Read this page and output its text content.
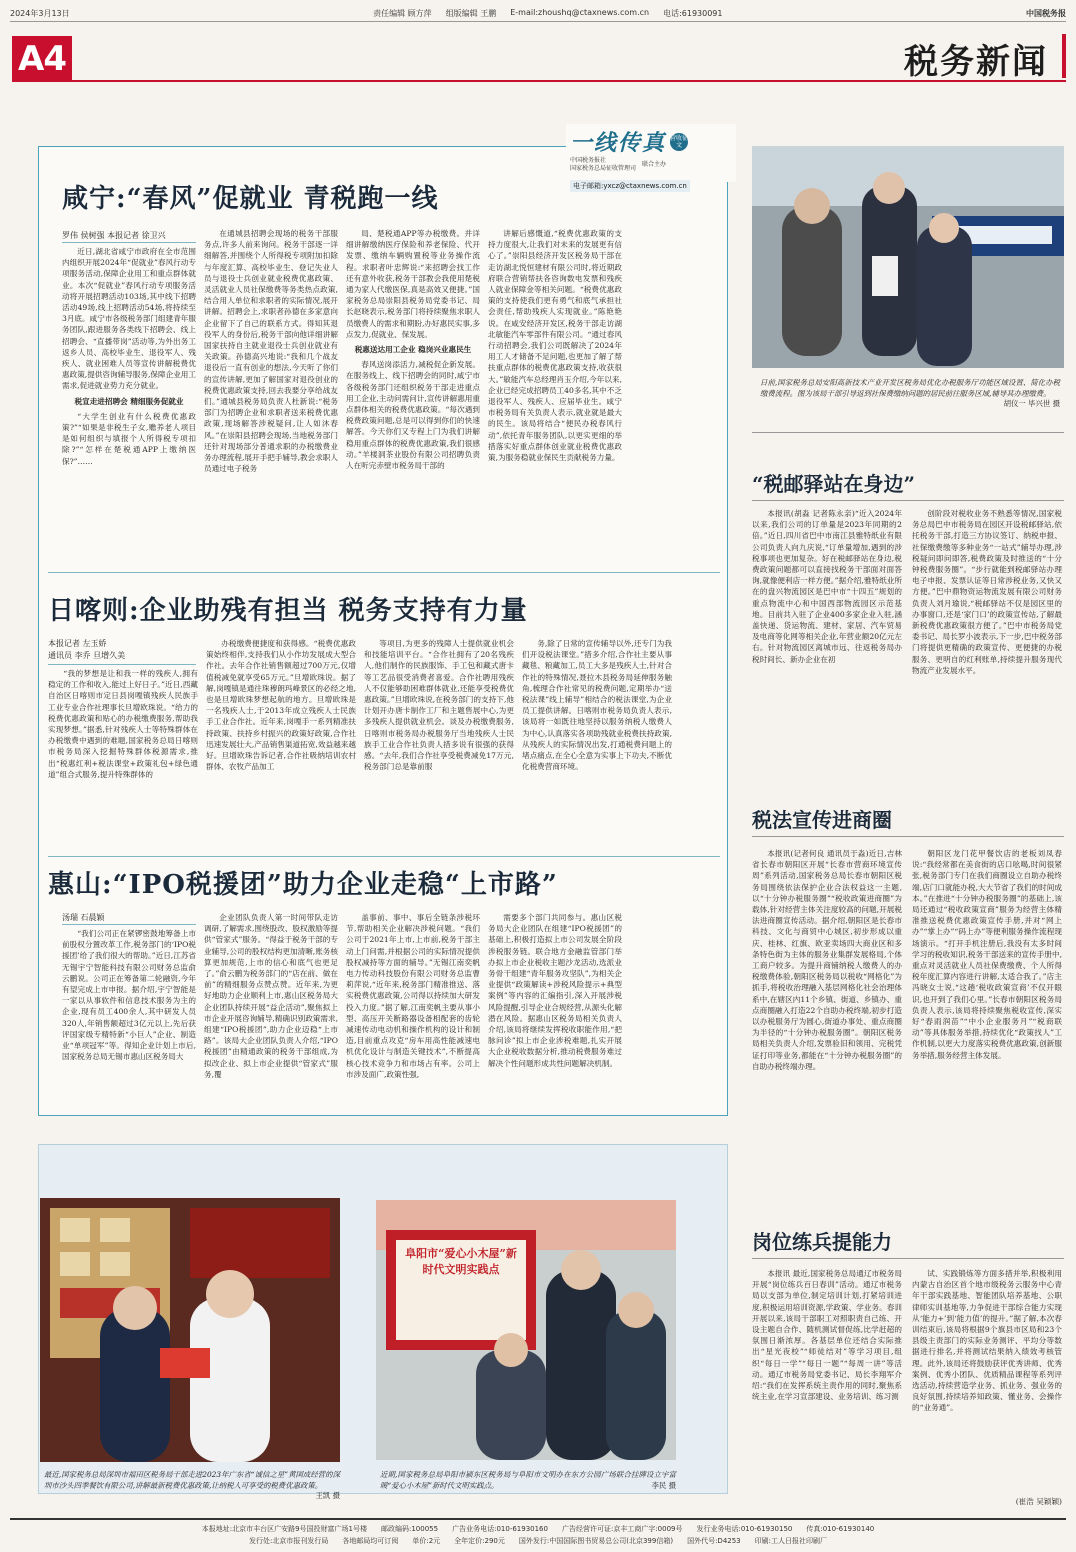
2024年3月13日	责任编辑 顾方萍 组版编辑 王鹏 E-mail:zhoushq@ctaxnews.com.cn 电话:61930091	中国税务报
A4	税务新闻
一线传真 营收征文
中国税务报社
国家税务总局征收管理司
联合主办
电子邮箱:yxcz@ctaxnews.com.cn
咸宁:“春风”促就业 青税跑一线
罗伟 侯树强 本报记者 徐卫兴

近日,湖北省咸宁市政府在全市范围内组织开展2024年“促就业”春风行动专项服务活动,保障企业用工和重点群体就业。本次“促就业”春风行动专项服务活动将开展招聘活动103场,其中线下招聘活动49场,线上招聘活动54场,将持续至3月底。咸宁市各级税务部门组建青年服务团队,跟进服务各类线下招聘会、线上招聘会、“直播带岗”活动等,为外出务工返乡人员、高校毕业生、退役军人、残疾人、就业困难人员等宣传讲解税费优惠政策,提供咨询辅导服务,保障企业用工需求,促进就业势力充分就业。

税宣走进招聘会 精细服务促就业

“大学生创业有什么税费优惠政策?”“如果是非税生子女,赡养老人项目是如何组织与填报个人所得税专项扣除?”“怎样在楚税通APP上缴纳医保?”……

在通城县招聘会现场的税务干部服务点,许多人前来询问。税务干部逐一详细解答,并围绕个人所得税专项附加扣除与年度汇算、高校毕业生、登记失业人员与退役士兵创业就业税费优惠政策、灵活就业人员社保缴费等务类热点政策,结合用人单位和求职者的实际情况,展开讲解。招聘会上,求职者孙德在多家意向企业留下了自己的联系方式。得知其退役军人的身份后,税务干部向他详细讲解国家扶持自主就业退役士兵创业就业有关政策。孙德高兴地说:“我和几个战友退役后一直有创业的想法,今天听了你们的宣传讲解,更加了解国家对退役创业的税费优惠政策支持,回去我要分享给战友们。”通城县税务局负责人杜新说:“税务部门为招聘企业和求职者送来税费优惠政策,现场解答涉税疑问,让人如沐春风。”在崇阳县招聘会现场,当地税务部门还针对现场部分普通求职的办税缴费业务办理流程,展开手把手辅导,教会求职人员通过电子税务

局、楚税通APP等办税缴费。并详细讲解缴纳医疗保险和养老保险、代开发票、缴纳车辆购置税等业务操作流程。求职者叶忠辉说:“来招聘会找工作还有意外收获,税务干部教会我使用楚税通为家人代缴医保,真是高效又便捷。”国家税务总局崇阳县税务局党委书记、局长赵晓表示,税务部门将持续聚焦求职人员缴费人的需求和期盼,办好惠民实事,多点发力,促就业、保发展。

税惠送达用工企业 稳岗兴业惠民生

春风送岗添活力,减税促企新发展。在服务线上、线下招聘会的同时,咸宁市各级税务部门还组织税务干部走进重点用工企业,主动问需问计,宣传讲解惠用重点群体相关的税费优惠政策。“每次遇到税费政策问题,总是可以得到你们的快速解答。今天你们又专程上门为我们讲解稳用重点群体的税费优惠政策,我们很感动。”羊楼洞茶业股份有限公司招聘负责人在听完赤壁市税务局干部的

讲解后感慨道,“税费优惠政策的支持力度很大,让我们对未来的发展更有信心了。”崇阳县经济开发区税务局干部在走访湖北悦恒建材有限公司时,将近期政府联合营销帮扶各咨询数电发票和残疾人就业保障金等相关问题。“税费优惠政策的支持使我们更有勇气和底气承担社会责任,帮助残疾人实现就业。”陈艳艳说。在咸安经济开发区,税务干部走访湖北敏能汽车零部件有限公司。“通过春风行动招聘会,我们公司既解决了2024年用工人才储备不足问题,也更加了解了帮扶重点群体的税费优惠政策支持,收获很大。”敏能汽车总经理肖玉介绍,今年以来,企业已经完成招聘员工40多名,其中不乏退役军人、残疾人、应届毕业生。咸宁市税务局有关负责人表示,就业就是最大的民生。该局将结合“便民办税春风行动”,依托青年服务团队,以更实更细的举措落实好重点群体创业就业税费优惠政策,为服务稳就业保民生贡献税务力量。

日喀则:企业助残有担当 税务支持有力量
本报记者 左玉娇
通讯员 李乔 旦增久美

“我的梦想是让和我一样的残疾人,拥有稳定的工作和收入,能过上好日子。”近日,西藏自治区日喀则市定日县岗嘎镇残疾人民族手工业专业合作社理事长旦增欧珠说。“给力的税费优惠政策和贴心的办税缴费服务,帮助我实现梦想。”据悉,针对残疾人士等特殊群体在办税缴费中遇到的难题,国家税务总局日喀则市税务局深入挖掘特殊群体税源需求,推出“税惠红利+税法课堂+政策礼包+绿色通道”组合式服务,提升特殊群体的

办税缴费便捷度和获得感。“税费优惠政策始终相伴,支持我们从小作坊发展成大型合作社。去年合作社销售额超过700万元,仅增值税减免就享受65万元。”旦增欧珠说。据了解,岗嘎镇是通往珠穆朗玛峰景区的必经之地,也是旦增欧珠梦想起航的地方。旦增欧珠是一名残疾人士,于2013年成立残疾人士民族手工业合作社。近年来,岗嘎手一系列精准扶持政策、扶持乡村振兴的政策好政策,合作社迅速发展壮大,产品销售渠道拓宽,效益越来越好。旦增欧珠告诉记者,合作社吸纳培训农村群体、农牧产品加工

等项目,为更多的残障人士提供就业机会和技能培训平台。“合作社拥有了20名残疾人,他们制作的民族服饰、手工包和藏式唐卡等工艺品很受消费者喜爱。合作社聘用残疾人不仅能够助困难群体就业,还能享受税费优惠政策。”旦增欧珠说,在税务部门的支持下,他计划开办唐卡制作工厂和主题售展中心,为更多残疾人提供就业机会。谈及办税缴费服务,日喀则市税务局办税服务厅当地残疾人士民族手工业合作社负责人措多说有很强的获得感。“去年,我们合作社享受税费减免17万元,税务部门总是靠前服

务,除了日常的宣传辅导以外,还专门为我们开设税法课堂。”措多介绍,合作社主要从事藏毯、粮藏加工,员工大多是残疾人士,针对合作社的特殊情况,聂拉木县税务局延伸服务触角,梳理合作社常见的税费问题,定期举办“送税法课”线上辅导”相结合的税法课堂,为企业员工提供讲解。日喀则市税务局负责人表示,该局将一如既往地坚持以服务纳税人缴费人为中心,认真落实各项助残就业税费扶持政策,从残疾人的实际情况出发,打通税费问题上的堵点痛点,在全心全意为实事上下功夫,不断优化税费营商环境。

惠山:“IPO税援团”助力企业走稳“上市路”
汤瑞 石晨颖

“我们公司正在紧锣密鼓地筹备上市前股权分置改革工作,税务部门的‘IPO税援团’给了我们很大的帮助。”近日,江苏省无锡宇宁智能科技有限公司财务总监俞云鹏说。公司正在筹备第二轮融资,今年有望完成上市申报。据介绍,宇宁智能是一家以从事软件和信息技术服务为主的企业,现有员工400余人,其中研发人员320人,年销售额超过3亿元以上,先后获评国家级专精特新“小巨人”企业、制造业“单项冠军”等。得知企业计划上市后,国家税务总局无锡市惠山区税务局大

企业团队负责人第一时间带队走访调研,了解需求,围绕股改、股权激励等提供“管家式”服务。“得益于税务干部的专业辅导,公司的股权结构更加清晰,账务核算更加规范,上市的信心和底气也更足了。”俞云鹏为税务部门的“店在前、做在前”的精细服务点赞点赞。近年来,为更好地助力企业顺利上市,惠山区税务局大企业团队持续开展“益企活动”,聚焦拟上市企业开展咨询辅导,精确识别政策需求,组建“IPO税援团”,助力企业迈稳“上市路”。该局大企业团队负责人介绍,“IPO税援团”由精通政策的税务干部组成,为拟改企业、拟上市企业提供“管家式”服务,覆

盖事前、事中、事后全链条涉税环节,帮助相关企业解决涉税问题。“我们公司于2021年上市,上市前,税务干部主动上门问需,并根据公司的实际情况提供股权减持等方面的辅导。”无锡江南奕帆电力传动科技股份有限公司财务总监曹莉萍说,“近年来,税务部门精准推送、落实税费优惠政策,公司得以持续加大研发投入力度。”据了解,江南奕帆主要从事小型、高压开关断路器设备相配套的齿轮减速传动电动机和操作机构的设计和制造,目前重点攻克“房车用高性能减速电机优化设计与制造关键技术”,不断提高核心技术竞争力和市场占有率。公司上市涉及面广,政策性强,

需要多个部门共同参与。惠山区税务局大企业团队在组建“IPO税援团”的基础上,积极打造拟上市公司发展全阶段涉税服务链。联合地方金融监管部门举办拟上市企业税收主题沙龙活动,选派业务骨干组建“青年服务攻坚队”,为相关企业提供“政策解读+涉税风险提示+典型案例”等内容的汇编指引,深入开展涉税风险提醒,引导企业合规经营,从源头化解潜在风险。据惠山区税务局相关负责人介绍,该局将继续发挥税收职能作用,“把脉问诊”拟上市企业涉税难题,扎实开展大企业税收数据分析,推动税费服务难过解决个性问题形成共性问题解决机制。

日前,国家税务总局安阳高新技术产业开发区税务局优化办税服务厅功能区域设置、简化办税缴费流程。图为该局干部引导返到社保费缴纳问题的居民前往服务区域,辅导其办理缴费。
胡仪一 毕兴世 摄
“税邮驿站在身边”

本报讯(胡淼 记者陈永亲)“近入2024年以来,我们公司的订单量是2023年同期的2倍。”近日,四川省巴中市南江县雅特纸业有限公司负责人向九庆说,“订单量增加,遇到的涉税事项也更加复杂。好在税邮驿站在身边,税费政策问题都可以直接找税务干部面对面答询,就像便利店一样方便。”据介绍,雅特纸业所在的盘兴物流园区是巴中市“十四五”规划的重点物流中心和中国西部物流园区示范基地。目前共入驻了企业400多家企业入驻,涵盖快递、货运物流、建材、家居、汽车贸易及电商等化网等相关企业,年营业额20亿元左右。针对物流园区离城市远、往返税务局办税时间长、新办企业在初

创阶段对税收业务不熟悉等情况,国家税务总局巴中市税务局在园区开设税邮驿站,依托税务干部,打造三方协议签订、纳税申报、社保缴费缴等多种业务“一站式”辅导办理,涉税疑问即问即答,税费政策及时推送的“十分钟税费服务圈”。“步行就能到税邮驿站办理电子申报、发票认证等日常涉税业务,又快又方便。”巴中鼎物资运物流发展有限公司财务负责人刘月瑜说,“税邮驿站不仅是园区里的办事窗口,还是‘家门口’的政策宣传站,了解最新税费优惠政策很方便了。”巴中市税务局党委书记、局长罗小波表示,下一步,巴中税务部门将提供更精确的政策宣传、更便捷的办税服务、更明自的红利账单,持续提升服务现代物流产业发展水平。

税法宣传进商圈

本报讯(记者何良 通讯员于淼)近日,吉林省长春市朝阳区开展“长春市营商环境宣传周”系列活动,国家税务总局长春市朝阳区税务局围绕依法保护企业合法权益这一主题,以“十分钟办税服务圈”“税收政策进商圈”为载体,针对经营主体关注度较高的问题,开展税法进商圈宣传活动。据介绍,朝阳区是长春市科技、文化与商贸中心城区,初步形成以重庆、桂林、红旗、欧亚卖场四大商业区和多条特色街为主体的服务业集群发展格局,个体工商户较多。为提升商铺纳税人缴费人的办税缴费体验,朝阳区税务局以税收“网格化”为抓手,将税收治理融入基层网格化社会治理体系中,在辖区内11个乡镇、街道、乡镇办、重点商圈融入打造22个自助办税终端,初步打造以办税服务厅为圆心,街道办事处、重点商圈为半径的“十分钟办税服务圈”。朝阳区税务局相关负责人介绍,发票验旧和领用、完税凭证打印等业务,都能在“十分钟办税服务圈”的自助办税终端办理。

朝阳区龙门花甲餐饮店的老板刘凤春说:“我经常都在美食街的店口吆喝,时间很紧张,税务部门专门在我们商圈设立自助办税终端,店门口就能办税,大大节省了我们的时间成本。”在推进“十分钟办税服务圈”的基础上,该局还通过“税收政策宣商”服务为经营主体精准推送税费优惠政策宣传手册,并对“网上办”“掌上办”“码上办”等便利服务操作流程现场演示。“打开手机注册后,我没有太多时间学习的税收知识,税务干部送来的宣传手册中,重点对灵活就业人员社保费缴费、个人所得税年度汇算内容进行讲解,太适合我了。”店主冯晓女士说,“这趟‘税收政策宣商’不仅开眼识,也开到了我们心里。”长春市朝阳区税务局负责人表示,该局将持续聚焦税收宣传,深实好“春雨润苗”“中小企业服务月”“税商联动”等具体服务举措,持续优化“政策找人”工作机制,以更大力度落实税费优惠政策,创新服务举措,服务经营主体发展。

岗位练兵提能力

本报讯 最近,国家税务总局通辽市税务局开展“岗位练兵百日春训”活动。通辽市税务局以支部为单位,制定培训计划,打紧培训进度,积极运用培训资源,学政策、学业务。春训开展以来,该局干部职工对照职责自己练、开设主题自合作、随机测试督促练,比学赶超的氛围日渐浓厚。各基层单位还结合实际推出“星光夜校”“师徒结对”等学习项目,组织“每日一学”“每日一题”“每周一讲”等活动。通辽市税务局党委书记、局长李翔军介绍:“我们在发挥系统主责作用的同时,聚焦系统主业,在学习宣部建设、业务培训、练习测

试、实践锻炼等方面多措并举,积极利用内蒙古自治区首个地市级税务云服务中心青年干部实践基地、智能团队培养基地、公职律师实训基地等,力争促进干部综合能力实现从‘能力+’到‘能力值’的提升。”据了解,本次春训结束后,该局将根据9个旗县市区局和23个县级主责部门的实际业务测评、平均分等数据进行排名,并将测试结果纳入绩效考核管理。此外,该局还将鼓励获评优秀讲师、优秀案例、优秀小团队、优质精品课程等系列评选活动,持续营造学业务、抓业务、强业务的良好氛围,持续培养知政策、懂业务、会操作的“业务通”。

(崔浩 吴颖颖)
最近,国家税务总局深圳市福田区税务局干部走进2023年广东省“诚信之星”黄国成经营的深圳市沙头四季餐饮有限公司,讲解最新税费优惠政策,让纳税人可享受的税费优惠政策。
王凯 摄
阜阳市“爱心小木屋”新时代文明实践点
近期,国家税务总局阜阳市颍东区税务局与阜阳市文明办在东方公园广场联合挂牌设立宇富暖“爱心小木屋”新时代文明实践点。	李民 摄
本报地址:北京市丰台区广安路9号国投财富广场1号楼 邮政编码:100055 广告业务电话:010-61930160 广告经营许可证:京丰工商广字:0009号 发行业务电话:010-61930150 传真:010-61930140
发行处:北京市报刊发行局 各地邮局均可订阅 单价:2元 全年定价:290元 国外发行:中国国际图书贸易总公司(北京399信箱) 国外代号:D4253 印刷:工人日报社印刷厂
